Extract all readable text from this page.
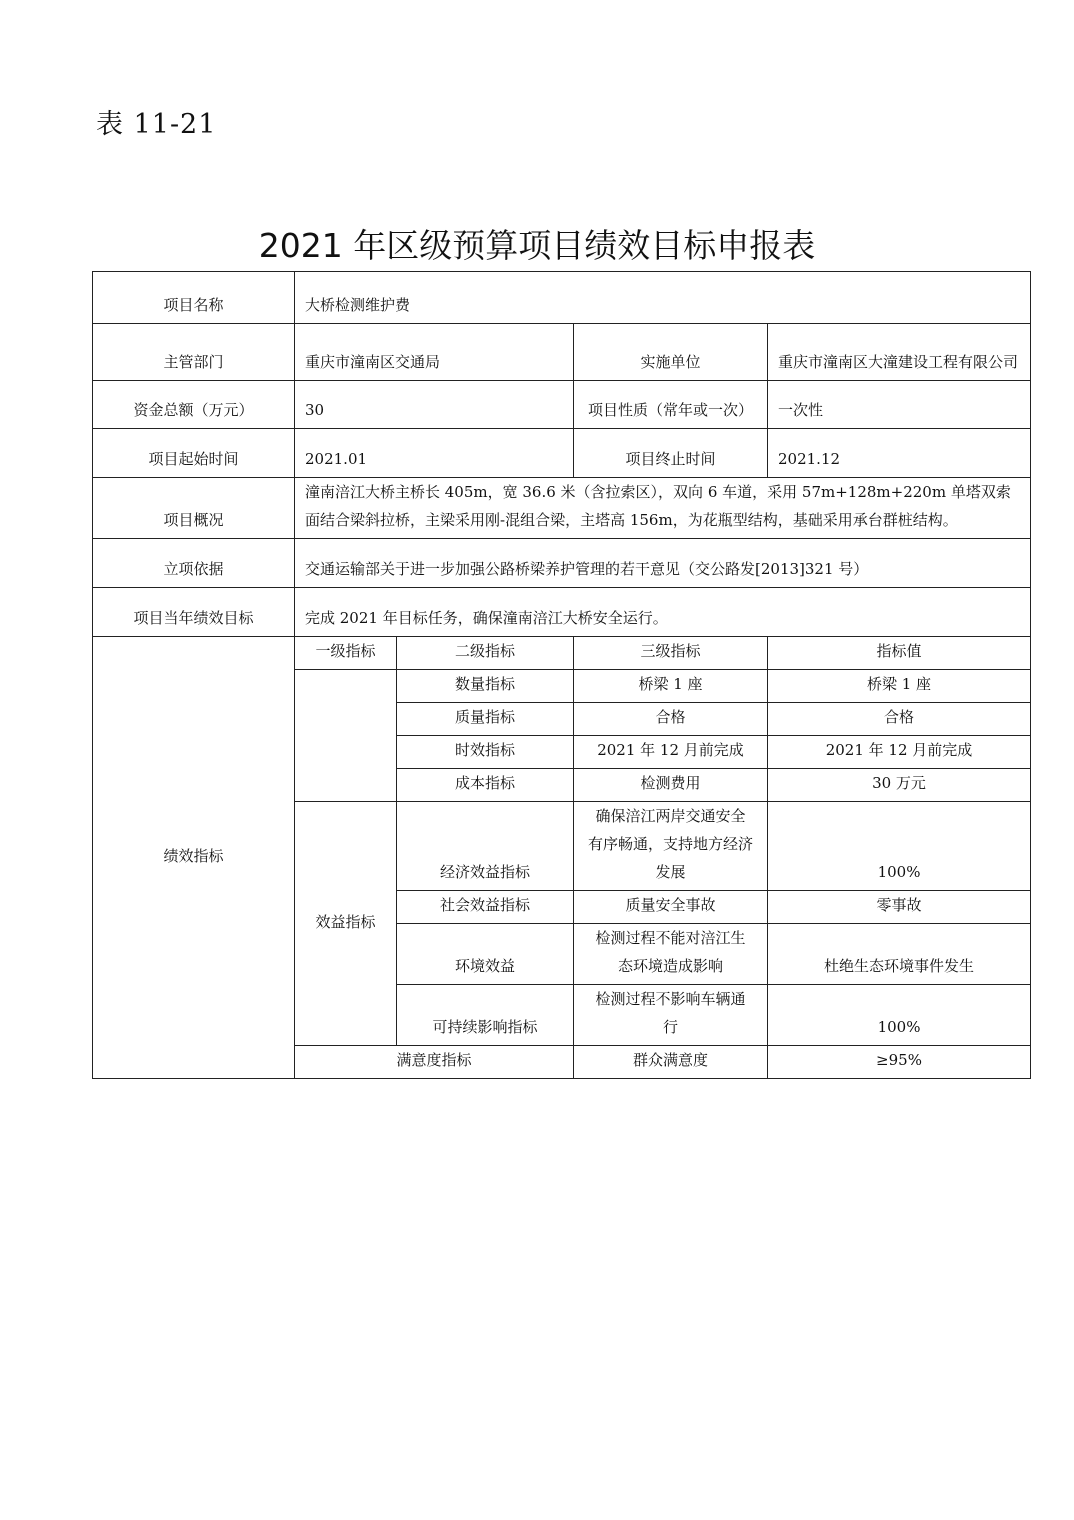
表 11-21
2021 年区级预算项目绩效目标申报表
项目名称	大桥检测维护费			
主管部门	重庆市潼南区交通局		实施单位	重庆市潼南区大潼建设工程有限公司
资金总额（万元）	30		项目性质（常年或一次）	一次性
项目起始时间	2021.01		项目终止时间	2021.12
项目概况	潼南涪江大桥主桥长 405m，宽 36.6 米（含拉索区），双向 6 车道，采用 57m+128m+220m 单塔双索面结合梁斜拉桥，主梁采用刚-混组合梁，主塔高 156m，为花瓶型结构，基础采用承台群桩结构。			
立项依据	交通运输部关于进一步加强公路桥梁养护管理的若干意见（交公路发[2013]321 号）			
项目当年绩效目标	完成 2021 年目标任务，确保潼南涪江大桥安全运行。			
绩效指标	一级指标	二级指标	三级指标	指标值
		数量指标	桥梁 1 座	桥梁 1 座
		质量指标	合格	合格
		时效指标	2021 年 12 月前完成	2021 年 12 月前完成
		成本指标	检测费用	30 万元
	效益指标	经济效益指标	确保涪江两岸交通安全
有序畅通，支持地方经济
发展	100%
		社会效益指标	质量安全事故	零事故
		环境效益	检测过程不能对涪江生
态环境造成影响	杜绝生态环境事件发生
		可持续影响指标	检测过程不影响车辆通
行	100%
	满意度指标		群众满意度	≥95%
